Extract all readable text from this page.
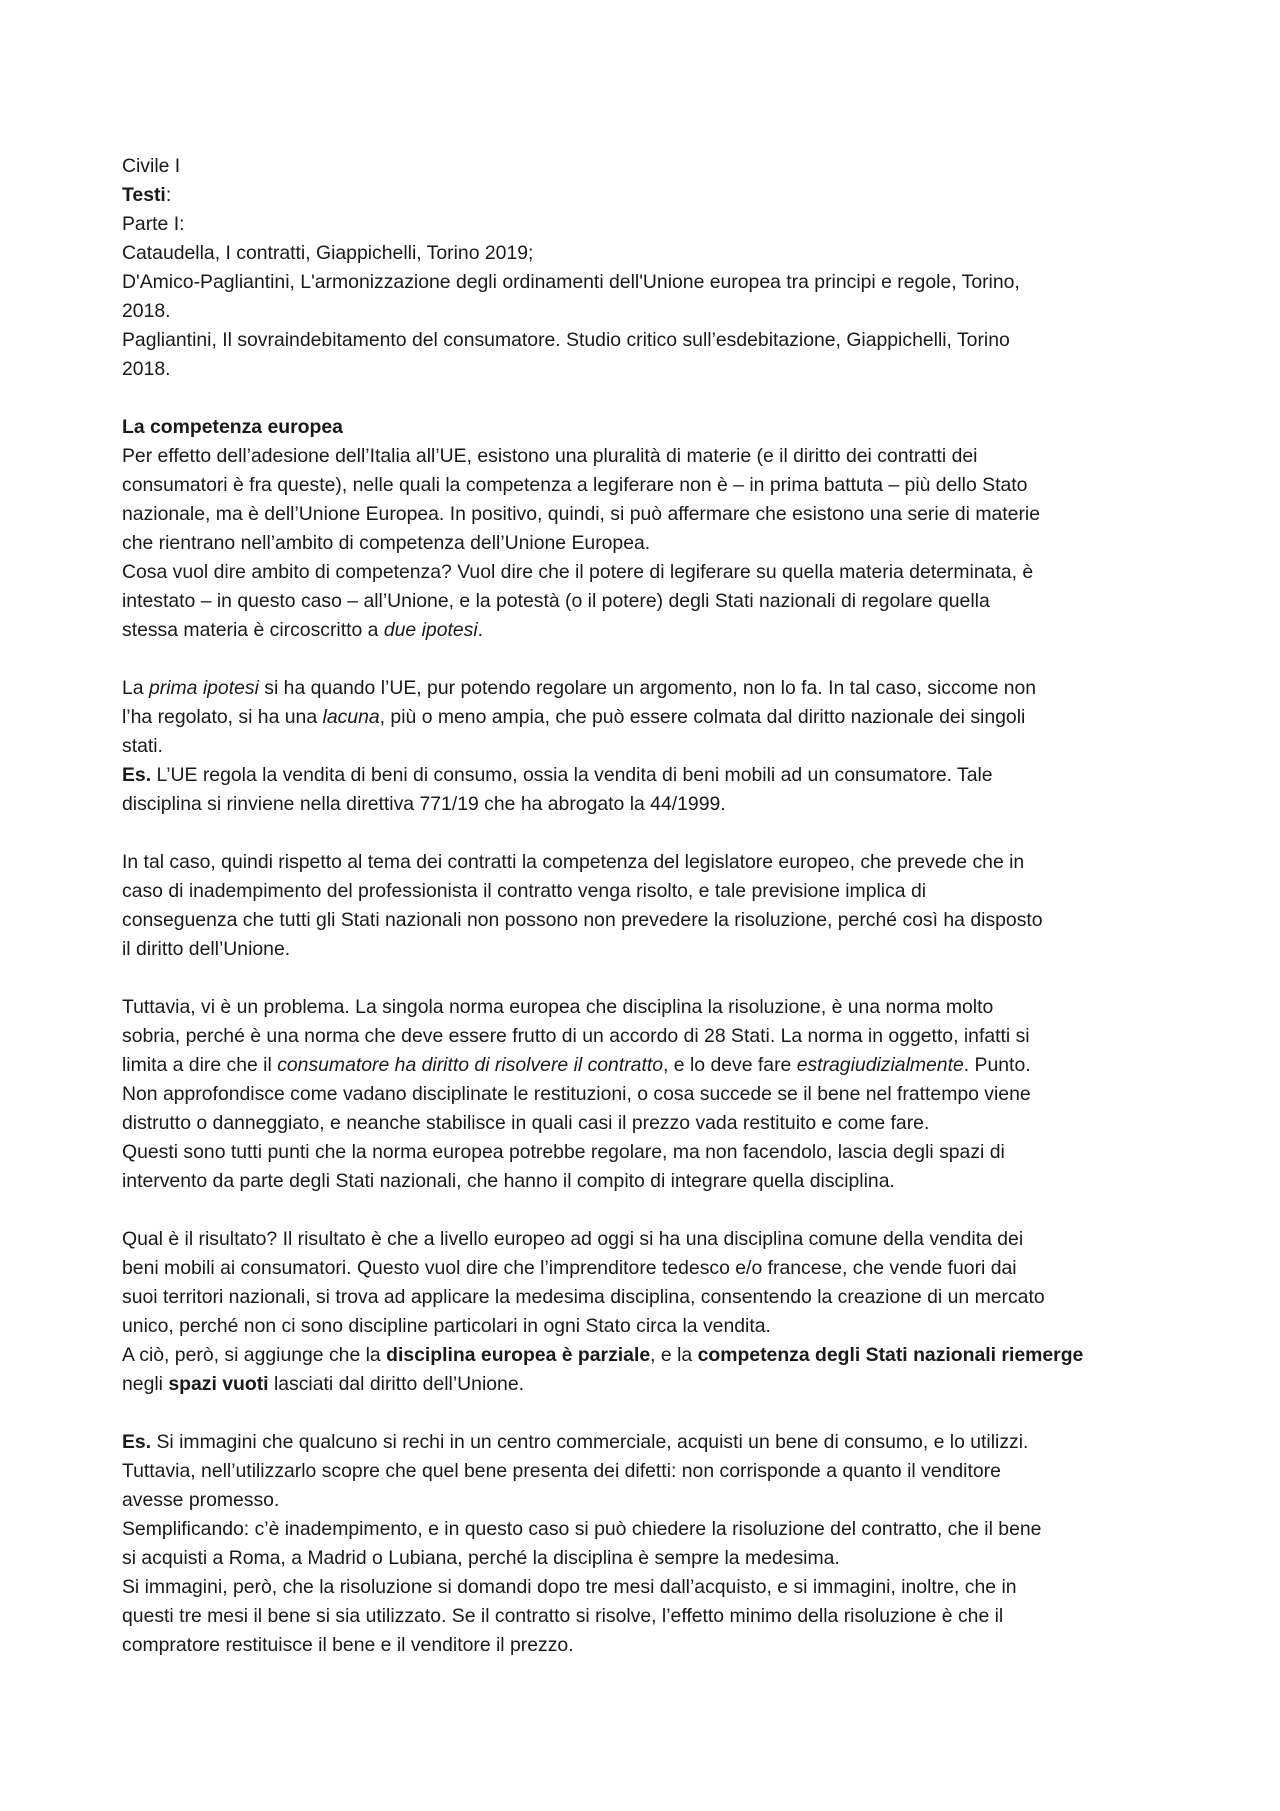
Civile I
Testi:
Parte I:
Cataudella, I contratti, Giappichelli, Torino 2019;
D'Amico-Pagliantini, L'armonizzazione degli ordinamenti dell'Unione europea tra principi e regole, Torino,
2018.
Pagliantini, Il sovraindebitamento del consumatore. Studio critico sull’esdebitazione, Giappichelli, Torino
2018.
La competenza europea
Per effetto dell’adesione dell’Italia all’UE, esistono una pluralità di materie (e il diritto dei contratti dei
consumatori è fra queste), nelle quali la competenza a legiferare non è – in prima battuta – più dello Stato
nazionale, ma è dell’Unione Europea. In positivo, quindi, si può affermare che esistono una serie di materie
che rientrano nell’ambito di competenza dell’Unione Europea.
Cosa vuol dire ambito di competenza? Vuol dire che il potere di legiferare su quella materia determinata, è
intestato – in questo caso – all’Unione, e la potestà (o il potere) degli Stati nazionali di regolare quella
stessa materia è circoscritto a due ipotesi.
La prima ipotesi si ha quando l’UE, pur potendo regolare un argomento, non lo fa. In tal caso, siccome non
l’ha regolato, si ha una lacuna, più o meno ampia, che può essere colmata dal diritto nazionale dei singoli
stati.
Es. L’UE regola la vendita di beni di consumo, ossia la vendita di beni mobili ad un consumatore. Tale
disciplina si rinviene nella direttiva 771/19 che ha abrogato la 44/1999.
In tal caso, quindi rispetto al tema dei contratti la competenza del legislatore europeo, che prevede che in
caso di inadempimento del professionista il contratto venga risolto, e tale previsione implica di
conseguenza che tutti gli Stati nazionali non possono non prevedere la risoluzione, perché così ha disposto
il diritto dell’Unione.
Tuttavia, vi è un problema. La singola norma europea che disciplina la risoluzione, è una norma molto
sobria, perché è una norma che deve essere frutto di un accordo di 28 Stati. La norma in oggetto, infatti si
limita a dire che il consumatore ha diritto di risolvere il contratto, e lo deve fare estragiudizialmente. Punto.
Non approfondisce come vadano disciplinate le restituzioni, o cosa succede se il bene nel frattempo viene
distrutto o danneggiato, e neanche stabilisce in quali casi il prezzo vada restituito e come fare.
Questi sono tutti punti che la norma europea potrebbe regolare, ma non facendolo, lascia degli spazi di
intervento da parte degli Stati nazionali, che hanno il compito di integrare quella disciplina.
Qual è il risultato? Il risultato è che a livello europeo ad oggi si ha una disciplina comune della vendita dei
beni mobili ai consumatori. Questo vuol dire che l’imprenditore tedesco e/o francese, che vende fuori dai
suoi territori nazionali, si trova ad applicare la medesima disciplina, consentendo la creazione di un mercato
unico, perché non ci sono discipline particolari in ogni Stato circa la vendita.
A ciò, però, si aggiunge che la disciplina europea è parziale, e la competenza degli Stati nazionali riemerge
negli spazi vuoti lasciati dal diritto dell’Unione.
Es. Si immagini che qualcuno si rechi in un centro commerciale, acquisti un bene di consumo, e lo utilizzi.
Tuttavia, nell’utilizzarlo scopre che quel bene presenta dei difetti: non corrisponde a quanto il venditore
avesse promesso.
Semplificando: c’è inadempimento, e in questo caso si può chiedere la risoluzione del contratto, che il bene
si acquisti a Roma, a Madrid o Lubiana, perché la disciplina è sempre la medesima.
Si immagini, però, che la risoluzione si domandi dopo tre mesi dall’acquisto, e si immagini, inoltre, che in
questi tre mesi il bene si sia utilizzato. Se il contratto si risolve, l’effetto minimo della risoluzione è che il
compratore restituisce il bene e il venditore il prezzo.
